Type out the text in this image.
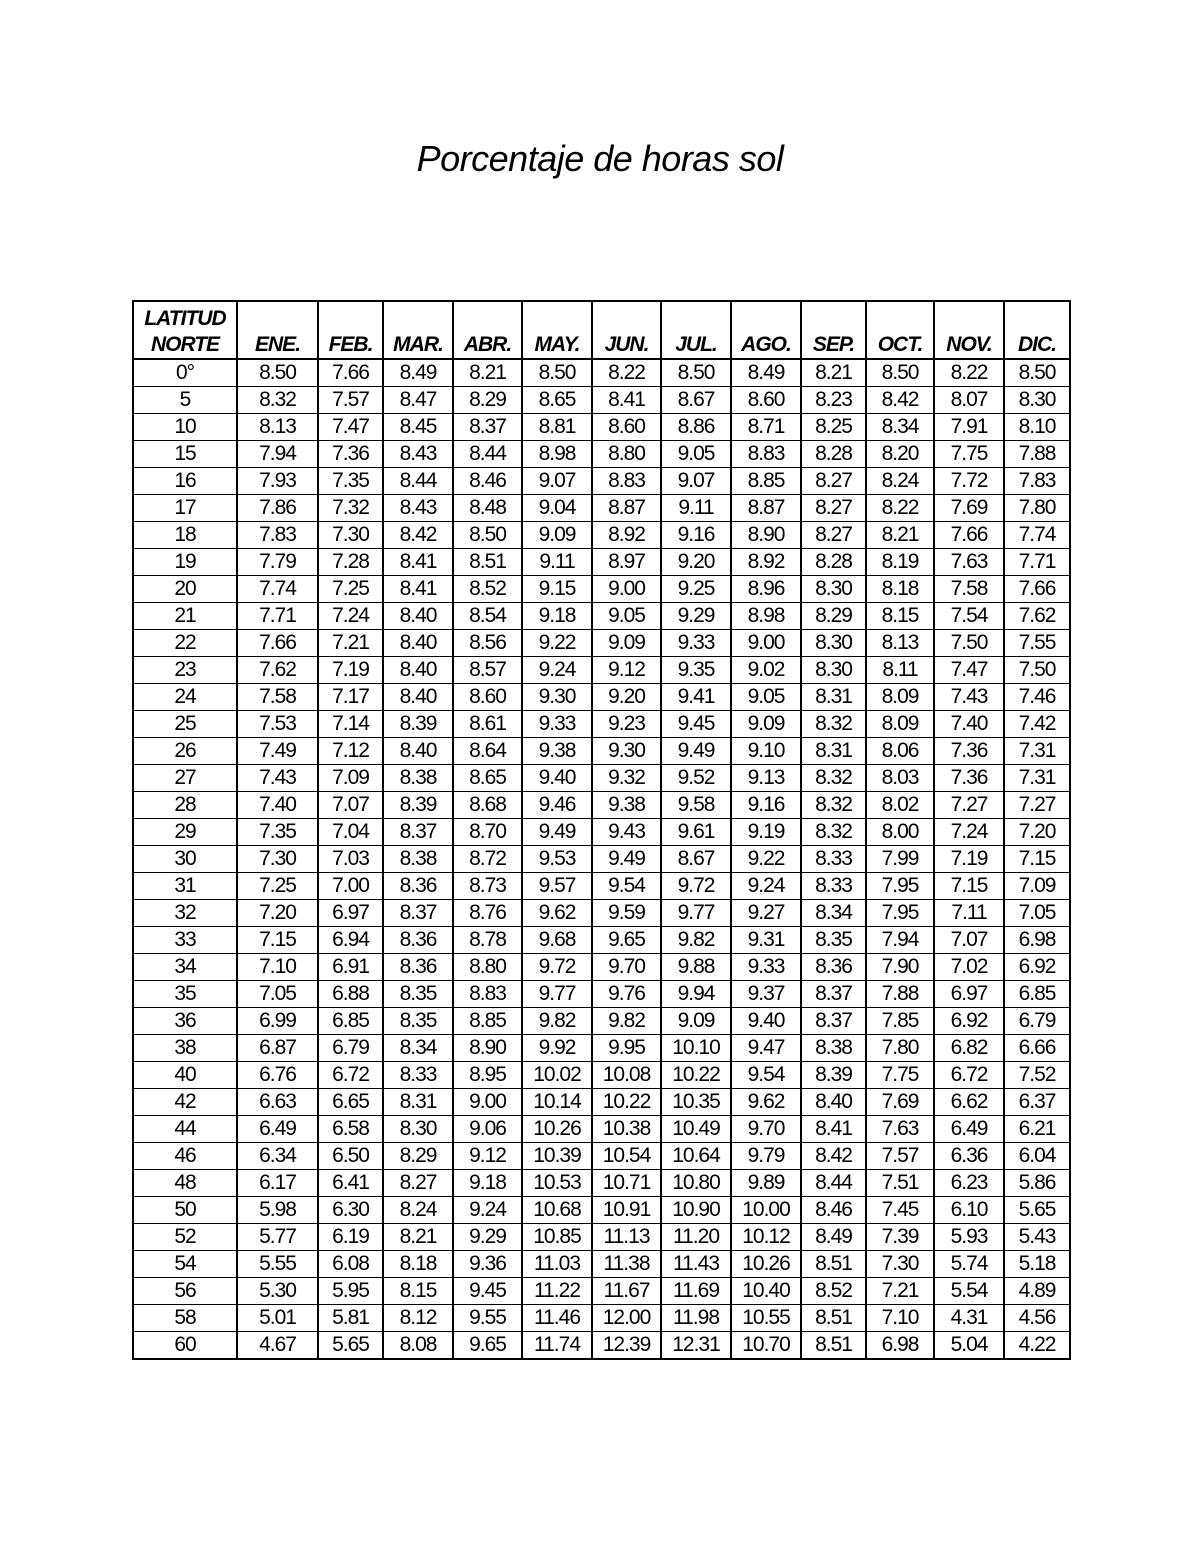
Porcentaje de horas sol
LATITUD
NORTE	ENE.	FEB.	MAR.	ABR.	MAY.	JUN.	JUL.	AGO.	SEP.	OCT.	NOV.	DIC.
0°	8.50	7.66	8.49	8.21	8.50	8.22	8.50	8.49	8.21	8.50	8.22	8.50
5	8.32	7.57	8.47	8.29	8.65	8.41	8.67	8.60	8.23	8.42	8.07	8.30
10	8.13	7.47	8.45	8.37	8.81	8.60	8.86	8.71	8.25	8.34	7.91	8.10
15	7.94	7.36	8.43	8.44	8.98	8.80	9.05	8.83	8.28	8.20	7.75	7.88
16	7.93	7.35	8.44	8.46	9.07	8.83	9.07	8.85	8.27	8.24	7.72	7.83
17	7.86	7.32	8.43	8.48	9.04	8.87	9.11	8.87	8.27	8.22	7.69	7.80
18	7.83	7.30	8.42	8.50	9.09	8.92	9.16	8.90	8.27	8.21	7.66	7.74
19	7.79	7.28	8.41	8.51	9.11	8.97	9.20	8.92	8.28	8.19	7.63	7.71
20	7.74	7.25	8.41	8.52	9.15	9.00	9.25	8.96	8.30	8.18	7.58	7.66
21	7.71	7.24	8.40	8.54	9.18	9.05	9.29	8.98	8.29	8.15	7.54	7.62
22	7.66	7.21	8.40	8.56	9.22	9.09	9.33	9.00	8.30	8.13	7.50	7.55
23	7.62	7.19	8.40	8.57	9.24	9.12	9.35	9.02	8.30	8.11	7.47	7.50
24	7.58	7.17	8.40	8.60	9.30	9.20	9.41	9.05	8.31	8.09	7.43	7.46
25	7.53	7.14	8.39	8.61	9.33	9.23	9.45	9.09	8.32	8.09	7.40	7.42
26	7.49	7.12	8.40	8.64	9.38	9.30	9.49	9.10	8.31	8.06	7.36	7.31
27	7.43	7.09	8.38	8.65	9.40	9.32	9.52	9.13	8.32	8.03	7.36	7.31
28	7.40	7.07	8.39	8.68	9.46	9.38	9.58	9.16	8.32	8.02	7.27	7.27
29	7.35	7.04	8.37	8.70	9.49	9.43	9.61	9.19	8.32	8.00	7.24	7.20
30	7.30	7.03	8.38	8.72	9.53	9.49	8.67	9.22	8.33	7.99	7.19	7.15
31	7.25	7.00	8.36	8.73	9.57	9.54	9.72	9.24	8.33	7.95	7.15	7.09
32	7.20	6.97	8.37	8.76	9.62	9.59	9.77	9.27	8.34	7.95	7.11	7.05
33	7.15	6.94	8.36	8.78	9.68	9.65	9.82	9.31	8.35	7.94	7.07	6.98
34	7.10	6.91	8.36	8.80	9.72	9.70	9.88	9.33	8.36	7.90	7.02	6.92
35	7.05	6.88	8.35	8.83	9.77	9.76	9.94	9.37	8.37	7.88	6.97	6.85
36	6.99	6.85	8.35	8.85	9.82	9.82	9.09	9.40	8.37	7.85	6.92	6.79
38	6.87	6.79	8.34	8.90	9.92	9.95	10.10	9.47	8.38	7.80	6.82	6.66
40	6.76	6.72	8.33	8.95	10.02	10.08	10.22	9.54	8.39	7.75	6.72	7.52
42	6.63	6.65	8.31	9.00	10.14	10.22	10.35	9.62	8.40	7.69	6.62	6.37
44	6.49	6.58	8.30	9.06	10.26	10.38	10.49	9.70	8.41	7.63	6.49	6.21
46	6.34	6.50	8.29	9.12	10.39	10.54	10.64	9.79	8.42	7.57	6.36	6.04
48	6.17	6.41	8.27	9.18	10.53	10.71	10.80	9.89	8.44	7.51	6.23	5.86
50	5.98	6.30	8.24	9.24	10.68	10.91	10.90	10.00	8.46	7.45	6.10	5.65
52	5.77	6.19	8.21	9.29	10.85	11.13	11.20	10.12	8.49	7.39	5.93	5.43
54	5.55	6.08	8.18	9.36	11.03	11.38	11.43	10.26	8.51	7.30	5.74	5.18
56	5.30	5.95	8.15	9.45	11.22	11.67	11.69	10.40	8.52	7.21	5.54	4.89
58	5.01	5.81	8.12	9.55	11.46	12.00	11.98	10.55	8.51	7.10	4.31	4.56
60	4.67	5.65	8.08	9.65	11.74	12.39	12.31	10.70	8.51	6.98	5.04	4.22
